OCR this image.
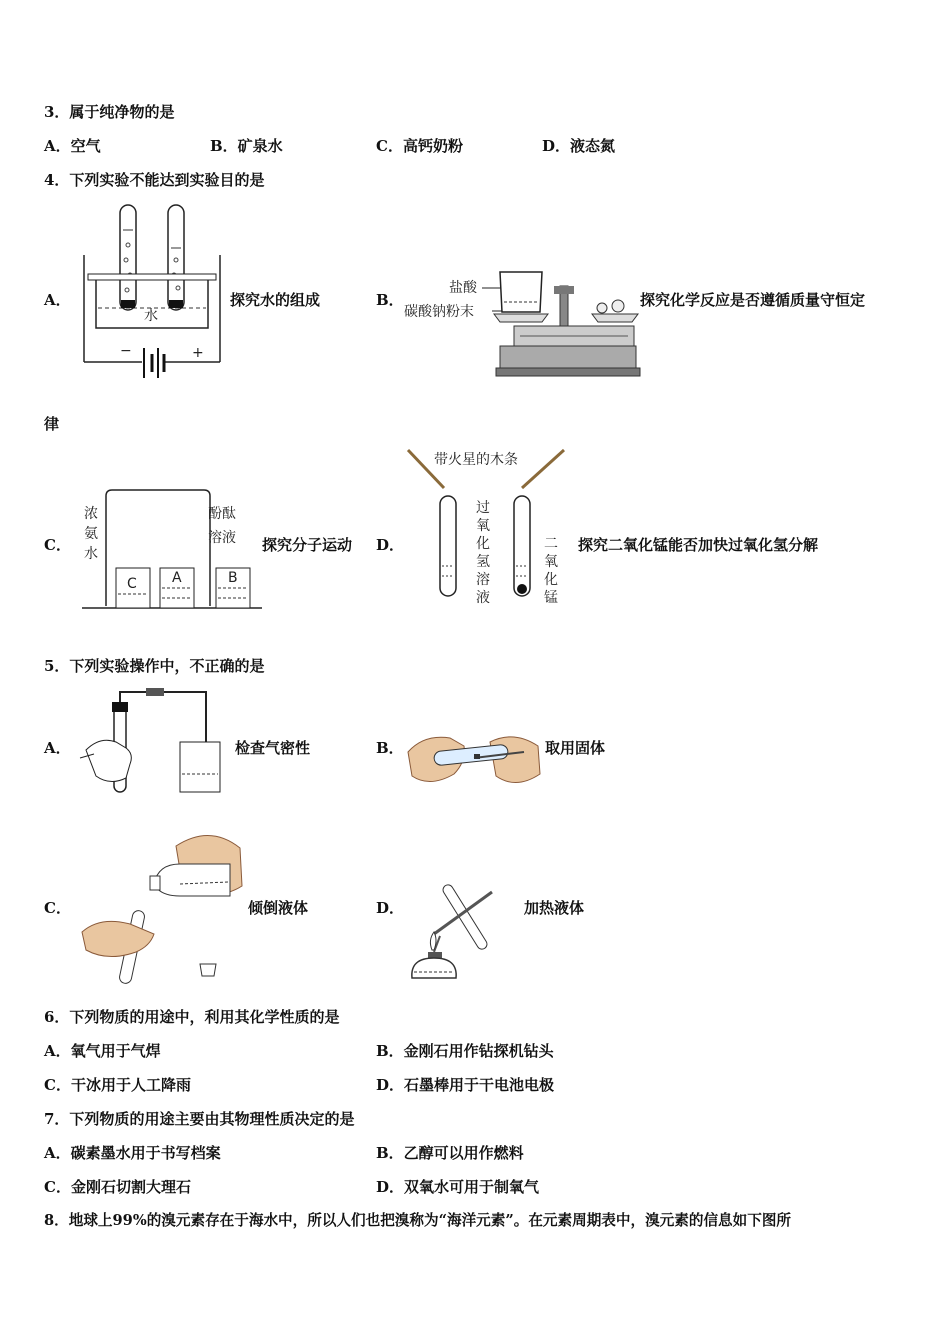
3．属于纯净物的是
A．空气	B．矿泉水	C．高钙奶粉	D．液态氮
4．下列实验不能达到实验目的是
A．
水
−	+
探究水的组成	B．
盐酸
碳酸钠粉末
探究化学反应是否遵循质量守恒定
律
C．
浓
氨
水
酚酞
溶液
C	A	B
探究分子运动 D．
带火星的木条
过
氧
化
氢
溶
液
二
氧
化
锰
探究二氧化锰能否加快过氧化氢分解
5．下列实验操作中，不正确的是
A．	检查气密性	B．	取用固体
C．	倾倒液体	D．	加热液体
6．下列物质的用途中，利用其化学性质的是
A．氧气用于气焊	B．金刚石用作钻探机钻头
C．干冰用于人工降雨	D．石墨棒用于干电池电极
7．下列物质的用途主要由其物理性质决定的是
A．碳素墨水用于书写档案	B．乙醇可以用作燃料
C．金刚石切割大理石	D．双氧水可用于制氧气
8．地球上99%的溴元素存在于海水中，所以人们也把溴称为“海洋元素”。在元素周期表中，溴元素的信息如下图所
